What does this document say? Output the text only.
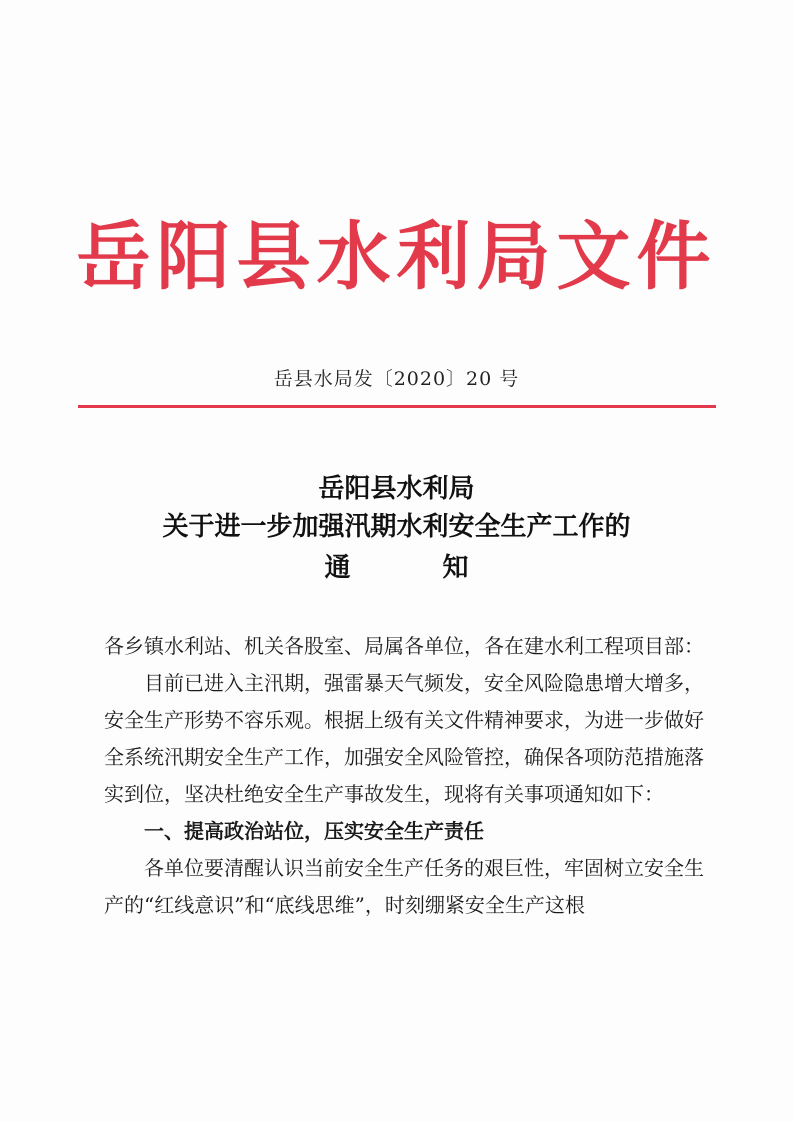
岳阳县水利局文件
岳县水局发〔2020〕20 号
岳阳县水利局
关于进一步加强汛期水利安全生产工作的
通	知

各乡镇水利站、机关各股室、局属各单位，各在建水利工程项目部：

目前已进入主汛期，强雷暴天气频发，安全风险隐患增大增多，安全生产形势不容乐观。根据上级有关文件精神要求，为进一步做好全系统汛期安全生产工作，加强安全风险管控，确保各项防范措施落实到位，坚决杜绝安全生产事故发生，现将有关事项通知如下：

一、提高政治站位，压实安全生产责任

各单位要清醒认识当前安全生产任务的艰巨性，牢固树立安全生产的“红线意识”和“底线思维”，时刻绷紧安全生产这根
